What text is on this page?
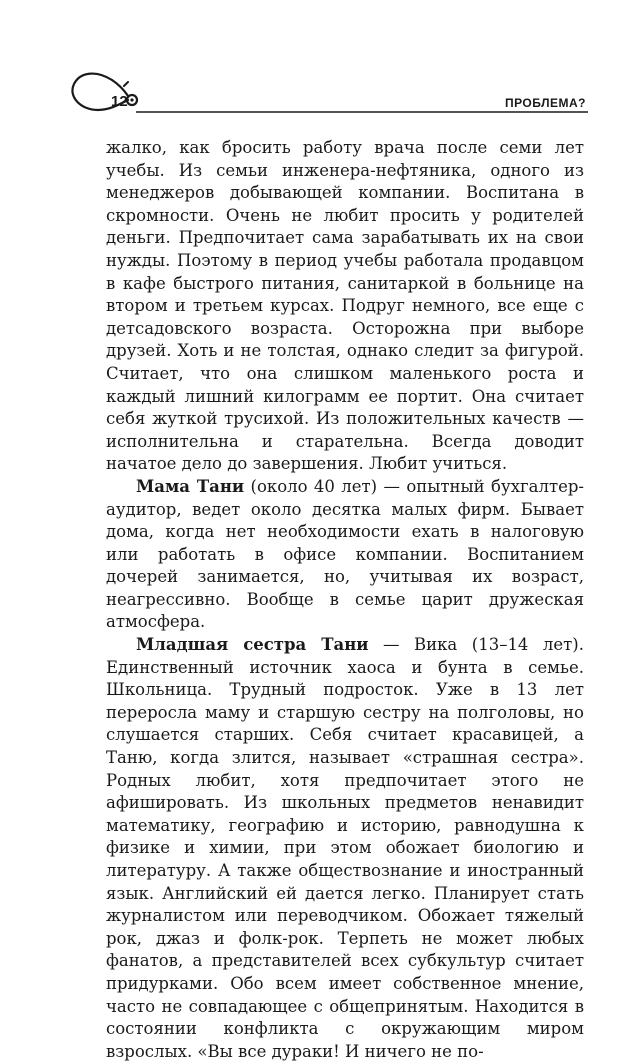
12	ПРОБЛЕМА?

жалко, как бросить работу врача после семи лет учебы. Из семьи инженера-нефтяника, одного из менеджеров добывающей компании. Воспитана в скромности. Очень не любит просить у родителей деньги. Предпочитает сама зарабатывать их на свои нужды. Поэтому в период учебы работала продавцом в кафе быстрого питания, санитаркой в больнице на втором и третьем курсах. Подруг немного, все еще с детсадовского возраста. Осторожна при выборе друзей. Хоть и не толстая, однако следит за фигурой. Считает, что она слишком маленького роста и каждый лишний килограмм ее портит. Она считает себя жуткой трусихой. Из положительных качеств — исполнительна и старательна. Всегда доводит начатое дело до завершения. Любит учиться.

Мама Тани (около 40 лет) — опытный бухгалтер-аудитор, ведет около десятка малых фирм. Бывает дома, когда нет необходимости ехать в налоговую или работать в офисе компании. Воспитанием дочерей занимается, но, учитывая их возраст, неагрессивно. Вообще в семье царит дружеская атмосфера.

Младшая сестра Тани — Вика (13–14 лет). Единственный источник хаоса и бунта в семье. Школьница. Трудный подросток. Уже в 13 лет переросла маму и старшую сестру на полголовы, но слушается старших. Себя считает красавицей, а Таню, когда злится, называет «страшная сестра». Родных любит, хотя предпочитает этого не афишировать. Из школьных предметов ненавидит математику, географию и историю, равнодушна к физике и химии, при этом обожает биологию и литературу. А также обществознание и иностранный язык. Английский ей дается легко. Планирует стать журналистом или переводчиком. Обожает тяжелый рок, джаз и фолк-рок. Терпеть не может любых фанатов, а представителей всех субкультур считает придурками. Обо всем имеет собственное мнение, часто не совпадающее с общепринятым. Находится в состоянии конфликта с окружающим миром взрослых. «Вы все дураки! И ничего не по-
